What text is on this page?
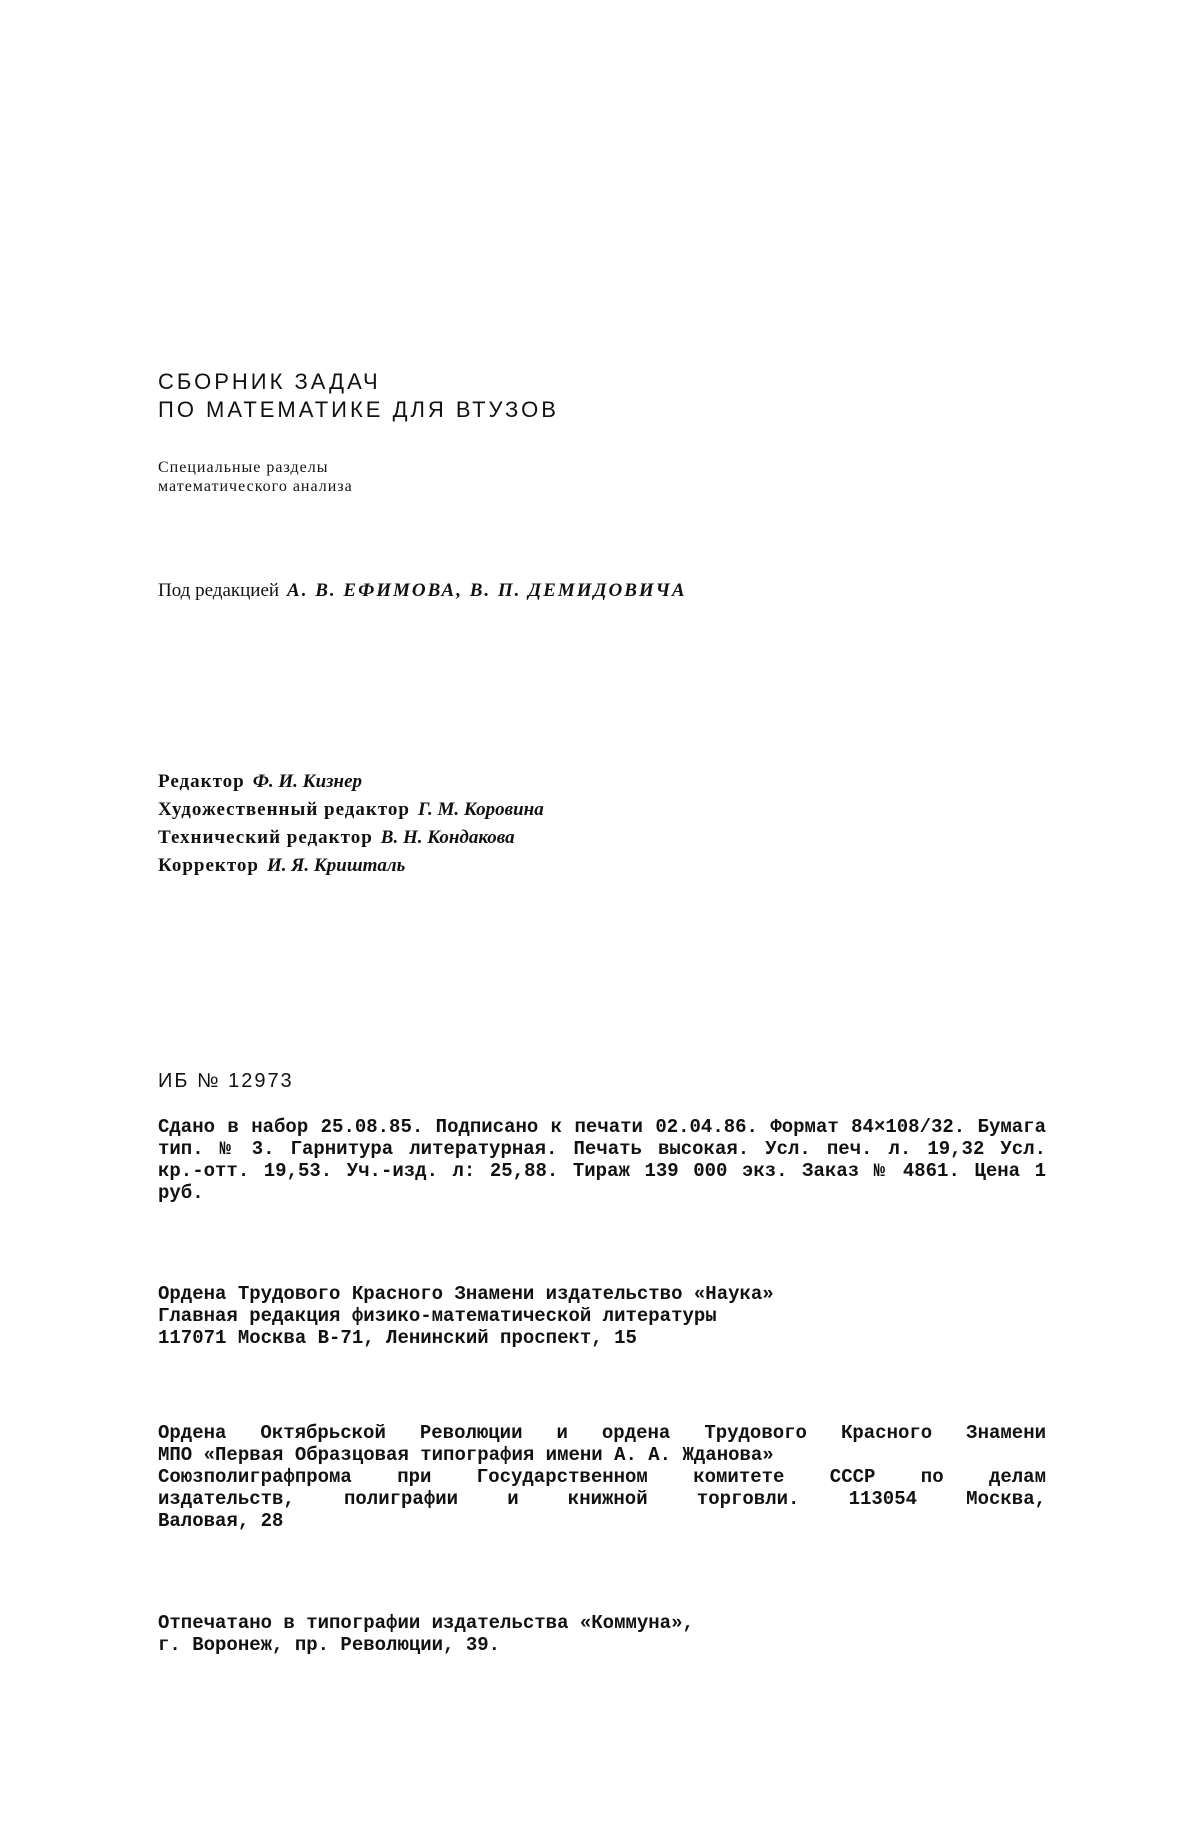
СБОРНИК ЗАДАЧ
ПО МАТЕМАТИКЕ ДЛЯ ВТУЗОВ
Специальные разделы
математического анализа
Под редакцией А. В. ЕФИМОВА, В. П. ДЕМИДОВИЧА
Редактор Ф. И. Кизнер
Художественный редактор Г. М. Коровина
Технический редактор В. Н. Кондакова
Корректор И. Я. Кришталь
ИБ № 12973
Сдано в набор 25.08.85. Подписано к печати 02.04.86. Формат 84×108/32. Бумага тип. № 3. Гарнитура литературная. Печать высокая. Усл. печ. л. 19,32 Усл. кр.-отт. 19,53. Уч.-изд. л: 25,88. Тираж 139 000 экз. Заказ № 4861. Цена 1 руб.
Ордена Трудового Красного Знамени издательство «Наука»
Главная редакция физико-математической литературы
117071 Москва В-71, Ленинский проспект, 15
Ордена Октябрьской Революции и ордена Трудового Красного Знамени
МПО «Первая Образцовая типография имени А. А. Жданова»
Союзполиграфпрома при Государственном комитете СССР по делам
издательств, полиграфии и книжной торговли. 113054 Москва,
Валовая, 28
Отпечатано в типографии издательства «Коммуна»,
г. Воронеж, пр. Революции, 39.
